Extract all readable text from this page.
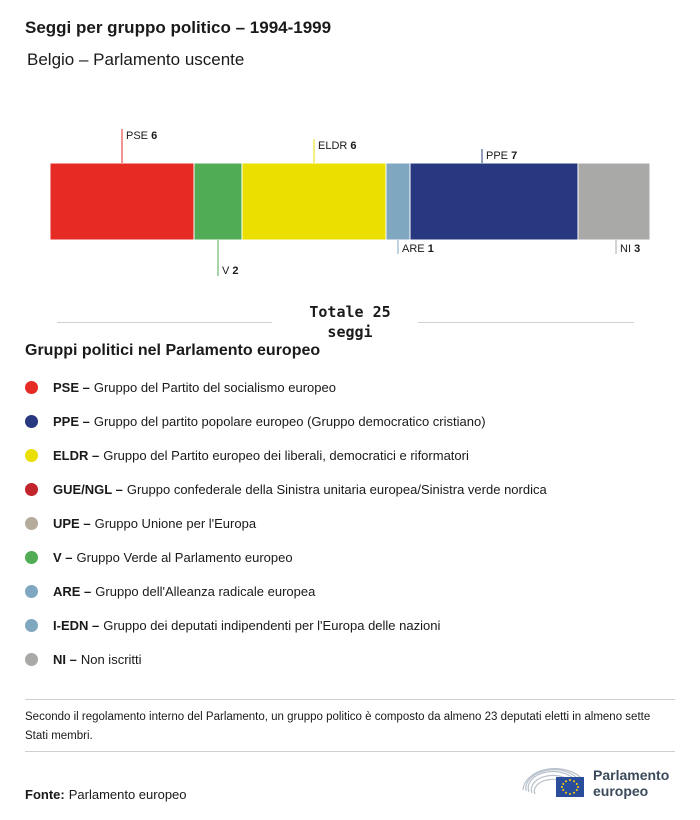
Seggi per gruppo politico – 1994-1999
Belgio – Parlamento uscente
PSE 6
V 2
ELDR 6
ARE 1
PPE 7
NI 3
Totale 25
seggi
Gruppi politici nel Parlamento europeo
PSE – Gruppo del Partito del socialismo europeo
PPE – Gruppo del partito popolare europeo (Gruppo democratico cristiano)
ELDR – Gruppo del Partito europeo dei liberali, democratici e riformatori
GUE/NGL – Gruppo confederale della Sinistra unitaria europea/Sinistra verde nordica
UPE – Gruppo Unione per l'Europa
V – Gruppo Verde al Parlamento europeo
ARE – Gruppo dell'Alleanza radicale europea
I-EDN – Gruppo dei deputati indipendenti per l'Europa delle nazioni
NI – Non iscritti
Secondo il regolamento interno del Parlamento, un gruppo politico è composto da almeno 23 deputati eletti in almeno sette Stati membri.
Fonte: Parlamento europeo
Parlamento
europeo
